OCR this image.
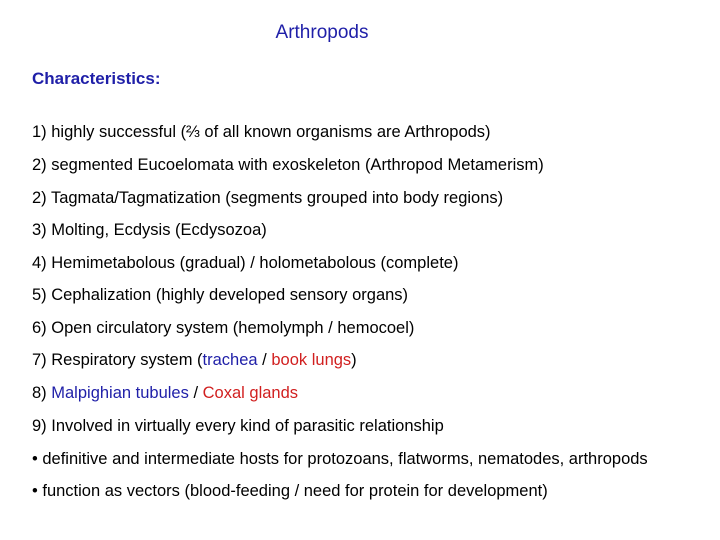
Arthropods
Characteristics:
1) highly successful (⅔ of all known organisms are Arthropods)
2) segmented Eucoelomata with exoskeleton (Arthropod Metamerism)
2) Tagmata/Tagmatization (segments grouped into body regions)
3) Molting, Ecdysis (Ecdysozoa)
4) Hemimetabolous (gradual) / holometabolous (complete)
5) Cephalization (highly developed sensory organs)
6) Open circulatory system (hemolymph / hemocoel)
7) Respiratory system (trachea / book lungs)
8) Malpighian tubules / Coxal glands
9) Involved in virtually every kind of parasitic relationship
• definitive and intermediate hosts for protozoans, flatworms, nematodes, arthropods
• function as vectors (blood-feeding / need for protein for development)
